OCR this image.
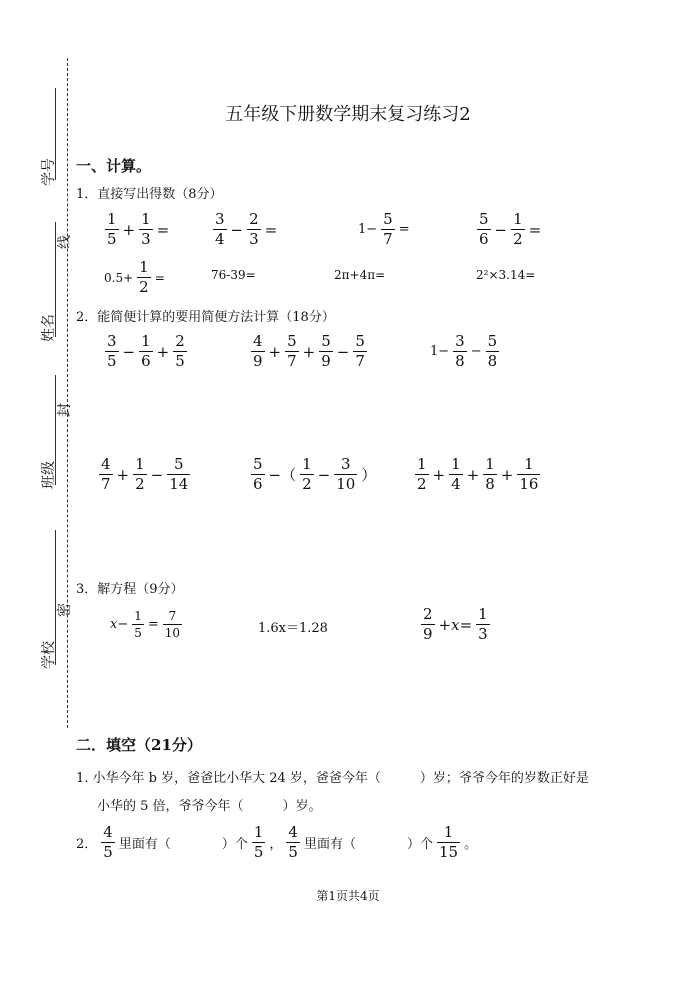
学号
姓名
班级
学校
线
封
密
五年级下册数学期末复习练习2
一、计算。
1．直接写出得数（8分）
$\frac{1}{5} + \frac{1}{3}$ =	$\frac{3}{4} - \frac{2}{3}$ =	$1- \frac{5}{7}$ =	$\frac{5}{6} - \frac{1}{2}$ =
$0.5+ \frac{1}{2}$ =	76-39=	2π+4π=	2²×3.14=
2．能简便计算的要用简便方法计算（18分）
$\frac{3}{5} - \frac{1}{6} + \frac{2}{5}$	$\frac{4}{9} + \frac{5}{7} + \frac{5}{9} - \frac{5}{7}$	$1- \frac{3}{8} - \frac{5}{8}$
$\frac{4}{7} + \frac{1}{2} - \frac{5}{14}$	$\frac{5}{6}$ −（ $\frac{1}{2} - \frac{3}{10}$ ）	$\frac{1}{2} + \frac{1}{4} + \frac{1}{8} + \frac{1}{16}$
3．解方程（9分）
$x- \frac{1}{5} = \frac{7}{10}$	1.6x＝1.28	$\frac{2}{9} +x= \frac{1}{3}$
二．填空（21分）
1. 小华今年 b 岁，爸爸比小华大 24 岁，爸爸今年（　　　）岁；爷爷今年的岁数正好是
小华的 5 倍，爷爷今年（　　　）岁。
2． $\frac{4}{5}$ 里面有（	）个 $\frac{1}{5}$ ， $\frac{4}{5}$ 里面有（	）个 $\frac{1}{15}$ 。
第1页共4页
